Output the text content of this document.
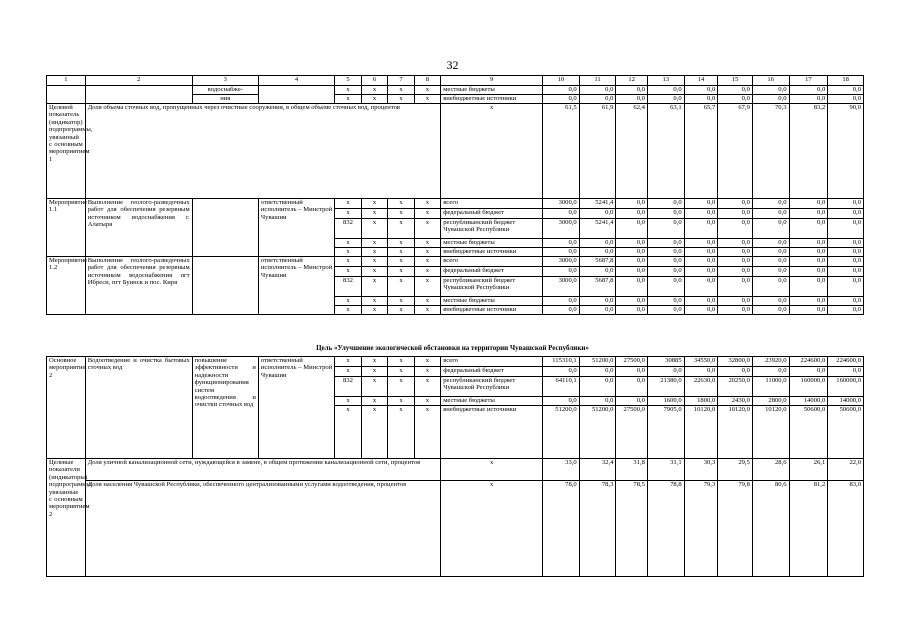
32
1	2	3	4	5	6	7	8	9	10	11	12	13	14	15	16	17	18
		водоснабже-		х	х	х	х	местные бюджеты	0,0	0,0	0,0	0,0	0,0	0,0	0,0	0,0	0,0
		ния		х	х	х	х	внебюджетные источники	0,0	0,0	0,0	0,0	0,0	0,0	0,0	0,0	0,0
Целевой показатель (индикатор) подпрограммы, увязанный с основным мероприятием 1	Доля объема сточных вод, пропущенных через очистные сооружения, в общем объеме сточных вод, процентов							х	61,5	61,9	62,4	63,1	65,7	67,9	70,3	83,2	90,0
Мероприятие 1.1	Выполнение геолого-разведочных работ для обеспечения резервным источником водоснабжения г. Алатыря		ответственный исполнитель – Минстрой Чувашии	х	х	х	х	всего	3000,0	5241,4	0,0	0,0	0,0	0,0	0,0	0,0	0,0
				х	х	х	х	федеральный бюджет	0,0	0,0	0,0	0,0	0,0	0,0	0,0	0,0	0,0
				832	х	х	х	республиканский бюджет Чувашской Республики	3000,0	5241,4	0,0	0,0	0,0	0,0	0,0	0,0	0,0
				х	х	х	х	местные бюджеты	0,0	0,0	0,0	0,0	0,0	0,0	0,0	0,0	0,0
				х	х	х	х	внебюджетные источники	0,0	0,0	0,0	0,0	0,0	0,0	0,0	0,0	0,0
Мероприятие 1.2	Выполнение геолого-разведочных работ для обеспечения резервным источником водоснабжения пгт Ибреси, пгт Буинск и пос. Киря		ответственный исполнитель – Минстрой Чувашии	х	х	х	х	всего	3000,0	5687,8	0,0	0,0	0,0	0,0	0,0	0,0	0,0
				х	х	х	х	федеральный бюджет	0,0	0,0	0,0	0,0	0,0	0,0	0,0	0,0	0,0
				832	х	х	х	республиканский бюджет Чувашской Республики	3000,0	5687,8	0,0	0,0	0,0	0,0	0,0	0,0	0,0
				х	х	х	х	местные бюджеты	0,0	0,0	0,0	0,0	0,0	0,0	0,0	0,0	0,0
				х	х	х	х	внебюджетные источники	0,0	0,0	0,0	0,0	0,0	0,0	0,0	0,0	0,0
Цель «Улучшение экологической обстановки на территории Чувашской Республики»
Основное мероприятие 2	Водоотведение и очистка бытовых сточных вод	повышение эффективности и надежности функционирования систем водоотведения и очистки сточных вод	ответственный исполнитель – Минстрой Чувашии	х	х	х	х	всего	115310,1	51200,0	27500,0	30885	34550,0	32800,0	23920,0	224600,0	224600,0
				х	х	х	х	федеральный бюджет	0,0	0,0	0,0	0,0	0,0	0,0	0,0	0,0	0,0
				832	х	х	х	республиканский бюджет Чувашской Республики	64110,1	0,0	0,0	21380,0	22630,0	20250,0	11000,0	160000,0	160000,0
				х	х	х	х	местные бюджеты	0,0	0,0	0,0	1600,0	1800,0	2430,0	2800,0	14000,0	14000,0
				х	х	х	х	внебюджетные источники	51200,0	51200,0	27500,0	7905,0	10120,0	10120,0	10120,0	50600,0	50600,0
Целевые показатели (индикаторы) подпрограммы, увязанные с основным мероприятием 2	Доля уличной канализационной сети, нуждающейся в замене, в общем протяжении канализационной сети, процентов							х	33,0	32,4	31,8	31,1	30,3	29,5	28,6	26,1	22,0
	Доля населения Чувашской Республики, обеспеченного централизованными услугами водоотведения, процентов							х	78,0	78,3	78,5	78,8	79,3	79,8	80,6	81,2	83,0
